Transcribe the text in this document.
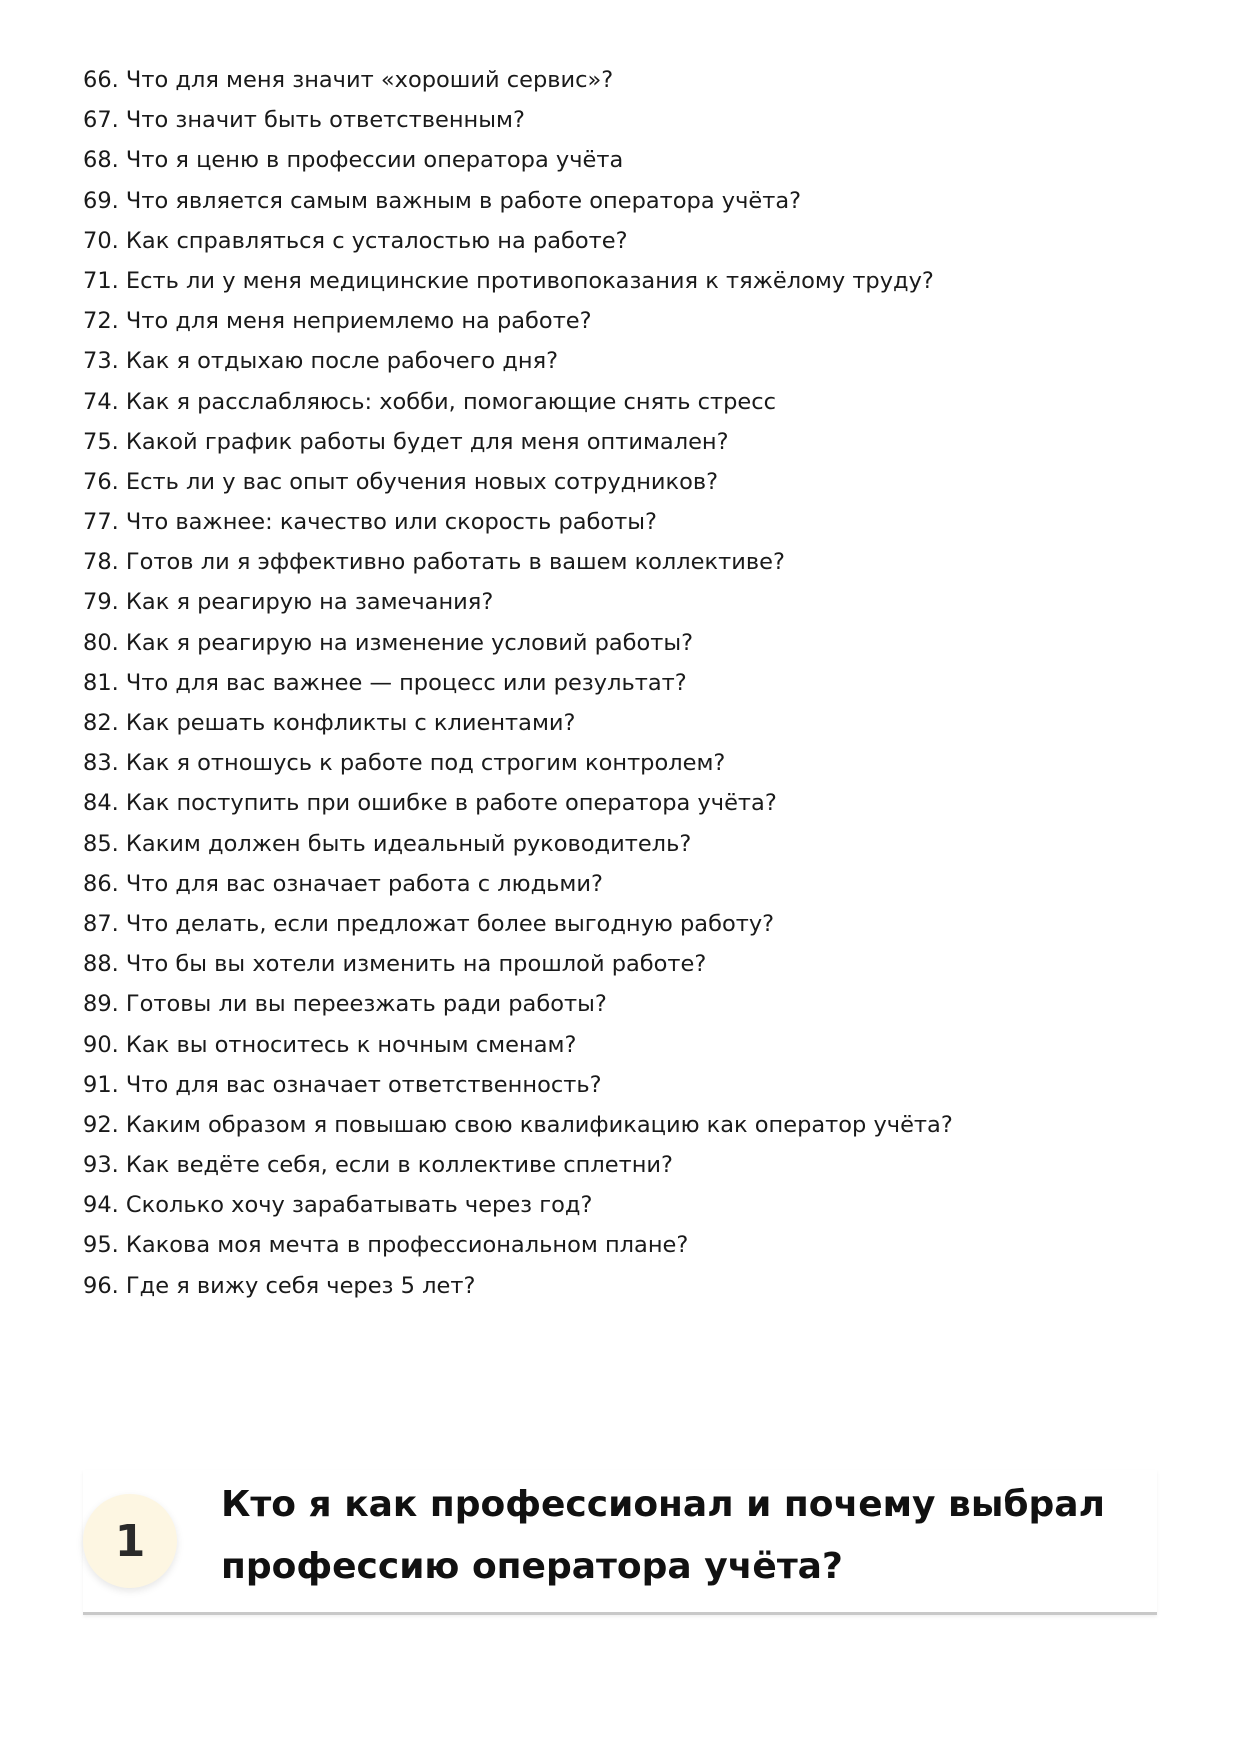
66. Что для меня значит «хороший сервис»?
67. Что значит быть ответственным?
68. Что я ценю в профессии оператора учёта
69. Что является самым важным в работе оператора учёта?
70. Как справляться с усталостью на работе?
71. Есть ли у меня медицинские противопоказания к тяжёлому труду?
72. Что для меня неприемлемо на работе?
73. Как я отдыхаю после рабочего дня?
74. Как я расслабляюсь: хобби, помогающие снять стресс
75. Какой график работы будет для меня оптимален?
76. Есть ли у вас опыт обучения новых сотрудников?
77. Что важнее: качество или скорость работы?
78. Готов ли я эффективно работать в вашем коллективе?
79. Как я реагирую на замечания?
80. Как я реагирую на изменение условий работы?
81. Что для вас важнее — процесс или результат?
82. Как решать конфликты с клиентами?
83. Как я отношусь к работе под строгим контролем?
84. Как поступить при ошибке в работе оператора учёта?
85. Каким должен быть идеальный руководитель?
86. Что для вас означает работа с людьми?
87. Что делать, если предложат более выгодную работу?
88. Что бы вы хотели изменить на прошлой работе?
89. Готовы ли вы переезжать ради работы?
90. Как вы относитесь к ночным сменам?
91. Что для вас означает ответственность?
92. Каким образом я повышаю свою квалификацию как оператор учёта?
93. Как ведёте себя, если в коллективе сплетни?
94. Сколько хочу зарабатывать через год?
95. Какова моя мечта в профессиональном плане?
96. Где я вижу себя через 5 лет?
1
Кто я как профессионал и почему выбрал профессию оператора учёта?
